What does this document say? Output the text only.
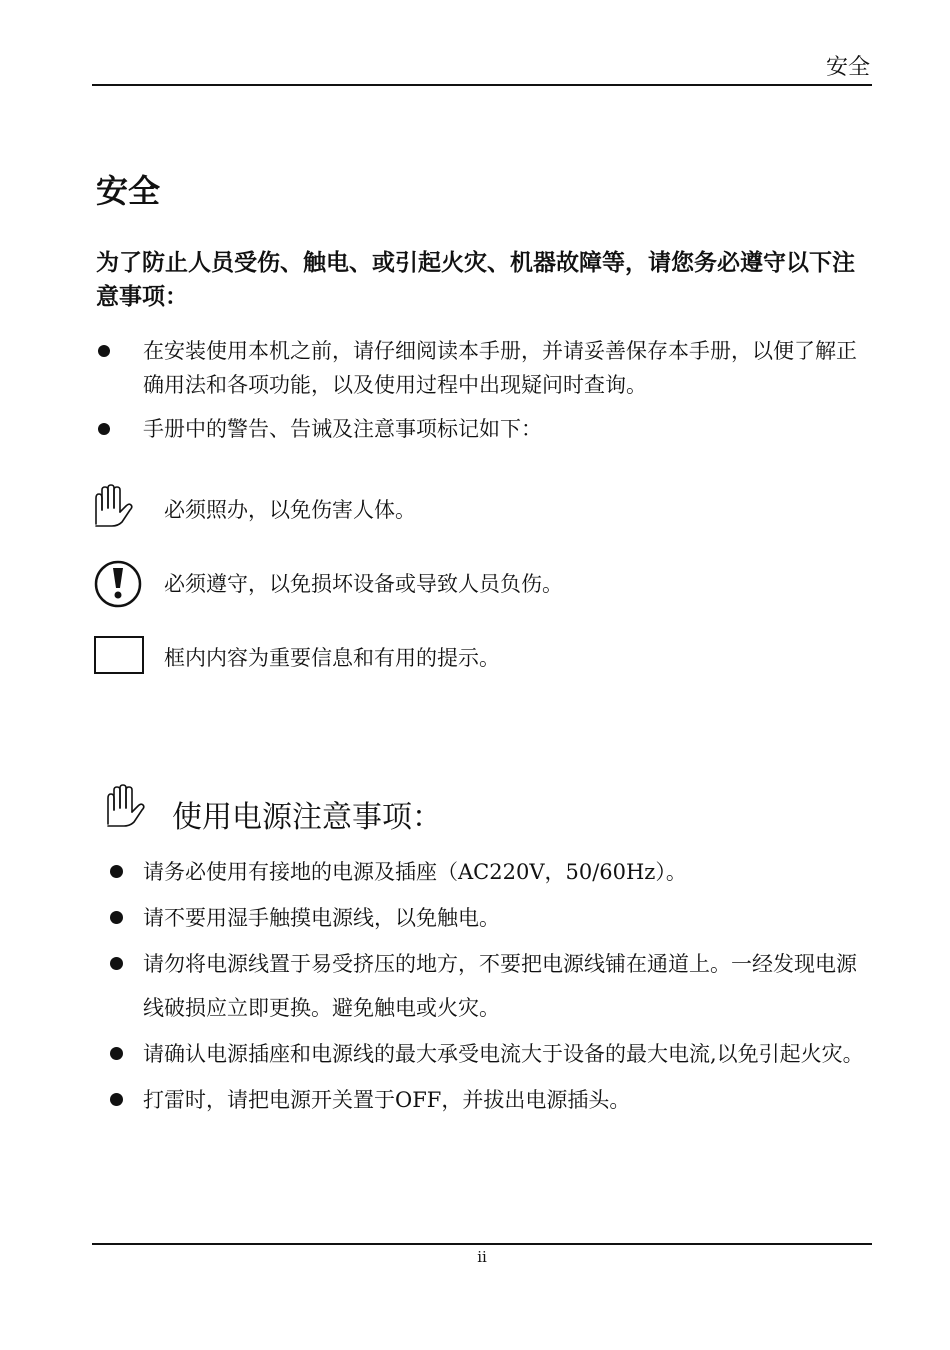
安全
安全
为了防止人员受伤、触电、或引起火灾、机器故障等，请您务必遵守以下注意事项：
在安装使用本机之前，请仔细阅读本手册，并请妥善保存本手册，以便了解正确用法和各项功能，以及使用过程中出现疑问时查询。
手册中的警告、告诫及注意事项标记如下：
必须照办，以免伤害人体。
必须遵守，以免损坏设备或导致人员负伤。
框内内容为重要信息和有用的提示。
使用电源注意事项：
请务必使用有接地的电源及插座（AC220V，50/60Hz）。
请不要用湿手触摸电源线，以免触电。
请勿将电源线置于易受挤压的地方，不要把电源线铺在通道上。一经发现电源线破损应立即更换。避免触电或火灾。
请确认电源插座和电源线的最大承受电流大于设备的最大电流,以免引起火灾。
打雷时，请把电源开关置于OFF，并拔出电源插头。
ii
